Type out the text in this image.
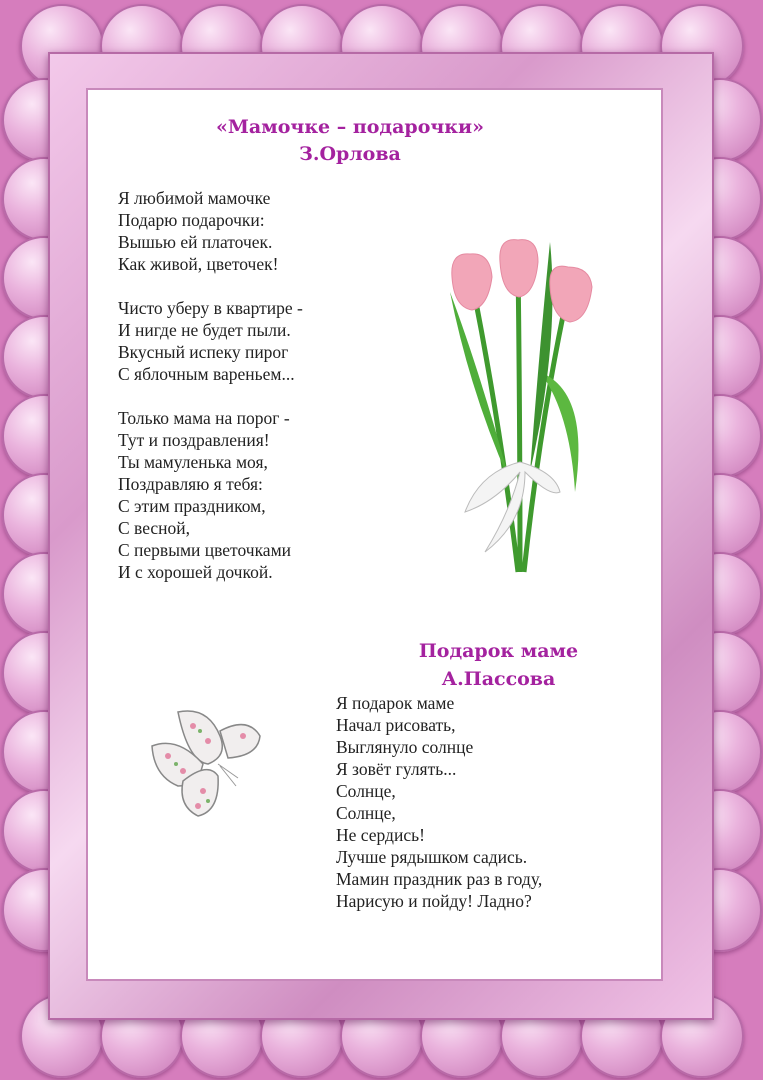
«Мамочке – подарочки»
З.Орлова
Я любимой мамочке
Подарю подарочки:
Вышью ей платочек.
Как живой, цветочек!
Чисто уберу в квартире -
И нигде не будет пыли.
Вкусный испеку пирог
С яблочным вареньем...
Только мама на порог -
Тут и поздравления!
Ты мамуленька моя,
Поздравляю я тебя:
С этим праздником,
С весной,
С первыми цветочками
И с хорошей дочкой.
Подарок маме
А.Пассова
Я подарок маме
Начал рисовать,
Выглянуло солнце
Я зовёт гулять...
Солнце,
Солнце,
Не сердись!
Лучше рядышком садись.
Мамин праздник раз в году,
Нарисую и пойду! Ладно?
